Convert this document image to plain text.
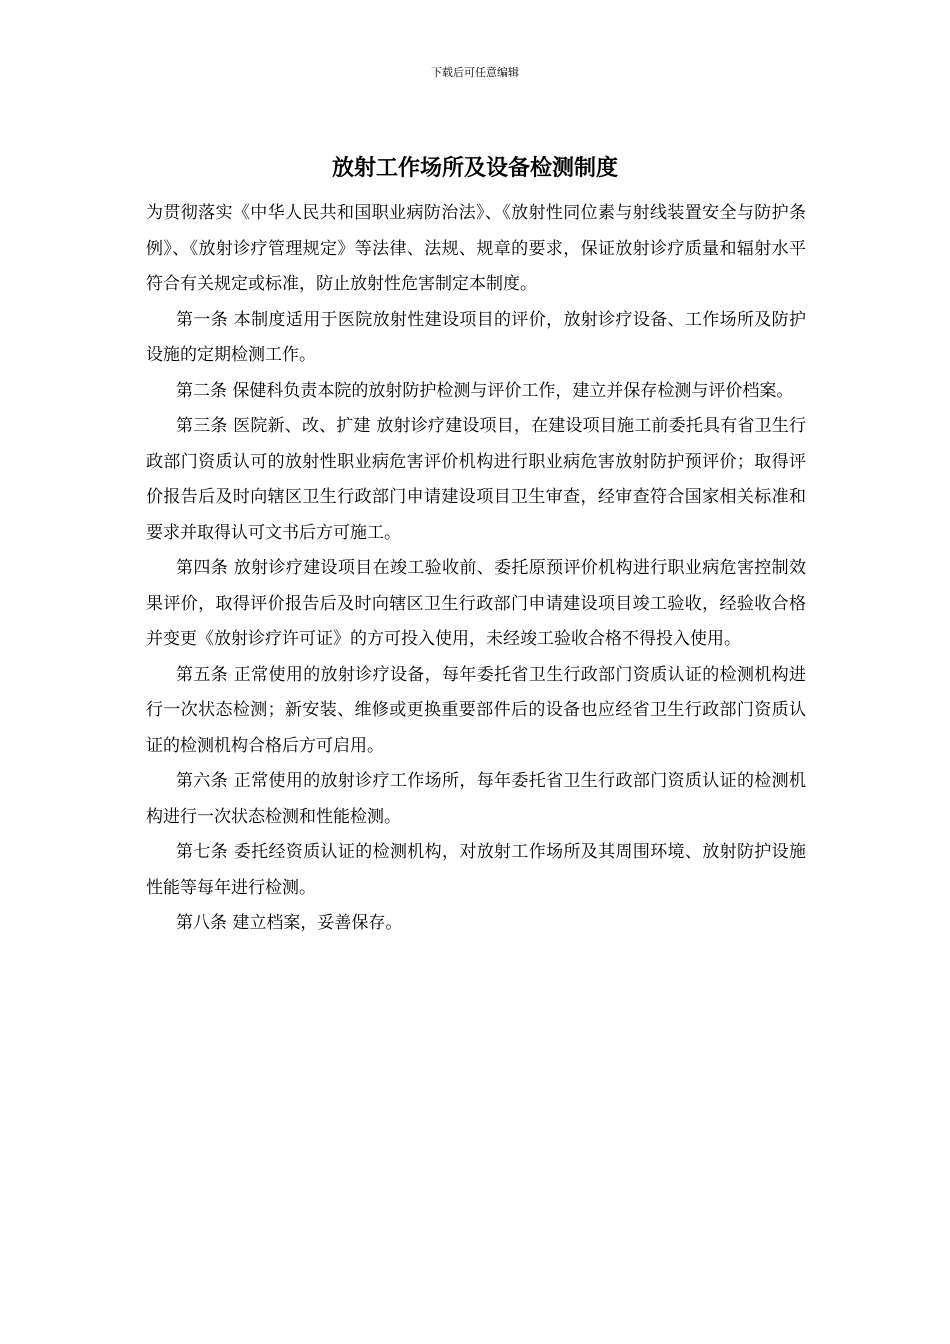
下载后可任意编辑
放射工作场所及设备检测制度

为贯彻落实《中华人民共和国职业病防治法》、《放射性同位素与射线装置安全与防护条例》、《放射诊疗管理规定》等法律、法规、规章的要求，保证放射诊疗质量和辐射水平符合有关规定或标准，防止放射性危害制定本制度。

第一条 本制度适用于医院放射性建设项目的评价，放射诊疗设备、工作场所及防护设施的定期检测工作。

第二条 保健科负责本院的放射防护检测与评价工作，建立并保存检测与评价档案。

第三条 医院新、改、扩建 放射诊疗建设项目，在建设项目施工前委托具有省卫生行政部门资质认可的放射性职业病危害评价机构进行职业病危害放射防护预评价；取得评价报告后及时向辖区卫生行政部门申请建设项目卫生审查，经审查符合国家相关标准和要求并取得认可文书后方可施工。

第四条 放射诊疗建设项目在竣工验收前、委托原预评价机构进行职业病危害控制效果评价，取得评价报告后及时向辖区卫生行政部门申请建设项目竣工验收，经验收合格并变更《放射诊疗许可证》的方可投入使用，未经竣工验收合格不得投入使用。

第五条 正常使用的放射诊疗设备，每年委托省卫生行政部门资质认证的检测机构进行一次状态检测；新安装、维修或更换重要部件后的设备也应经省卫生行政部门资质认证的检测机构合格后方可启用。

第六条 正常使用的放射诊疗工作场所，每年委托省卫生行政部门资质认证的检测机构进行一次状态检测和性能检测。

第七条 委托经资质认证的检测机构，对放射工作场所及其周围环境、放射防护设施性能等每年进行检测。

第八条 建立档案，妥善保存。
